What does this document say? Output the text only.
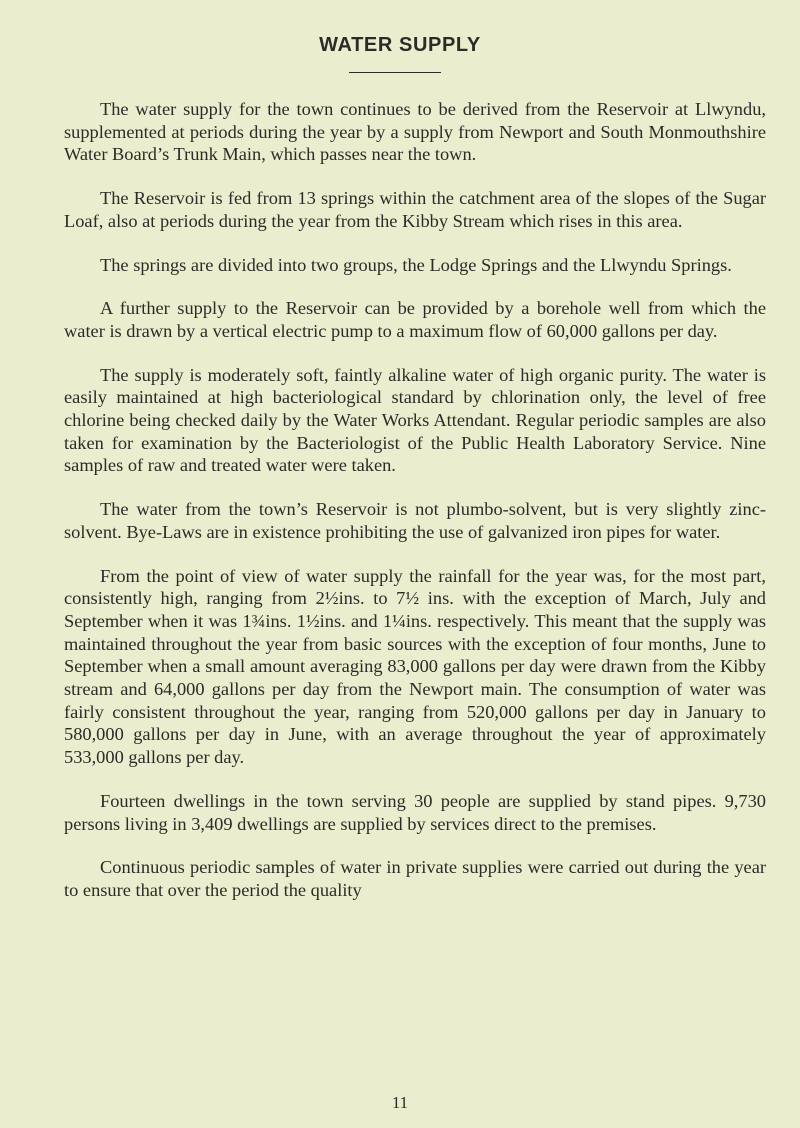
WATER SUPPLY

The water supply for the town continues to be derived from the Reservoir at Llwyndu, supplemented at periods during the year by a supply from Newport and South Monmouthshire Water Board’s Trunk Main, which passes near the town.

The Reservoir is fed from 13 springs within the catchment area of the slopes of the Sugar Loaf, also at periods during the year from the Kibby Stream which rises in this area.

The springs are divided into two groups, the Lodge Springs and the Llwyndu Springs.

A further supply to the Reservoir can be provided by a borehole well from which the water is drawn by a vertical electric pump to a maximum flow of 60,000 gallons per day.

The supply is moderately soft, faintly alkaline water of high organic purity. The water is easily maintained at high bacteriological standard by chlorination only, the level of free chlorine being checked daily by the Water Works Attendant. Regular periodic samples are also taken for examination by the Bacteriologist of the Public Health Laboratory Service. Nine samples of raw and treated water were taken.

The water from the town’s Reservoir is not plumbo-solvent, but is very slightly zinc-solvent. Bye-Laws are in existence prohibiting the use of galvanized iron pipes for water.

From the point of view of water supply the rainfall for the year was, for the most part, consistently high, ranging from 2½ins. to 7½ ins. with the exception of March, July and September when it was 1¾ins. 1½ins. and 1¼ins. respectively. This meant that the supply was maintained throughout the year from basic sources with the exception of four months, June to September when a small amount averaging 83,000 gallons per day were drawn from the Kibby stream and 64,000 gallons per day from the Newport main. The consumption of water was fairly consistent throughout the year, ranging from 520,000 gallons per day in January to 580,000 gallons per day in June, with an average throughout the year of approximately 533,000 gallons per day.

Fourteen dwellings in the town serving 30 people are supplied by stand pipes. 9,730 persons living in 3,409 dwellings are supplied by services direct to the premises.

Continuous periodic samples of water in private supplies were carried out during the year to ensure that over the period the quality

11
